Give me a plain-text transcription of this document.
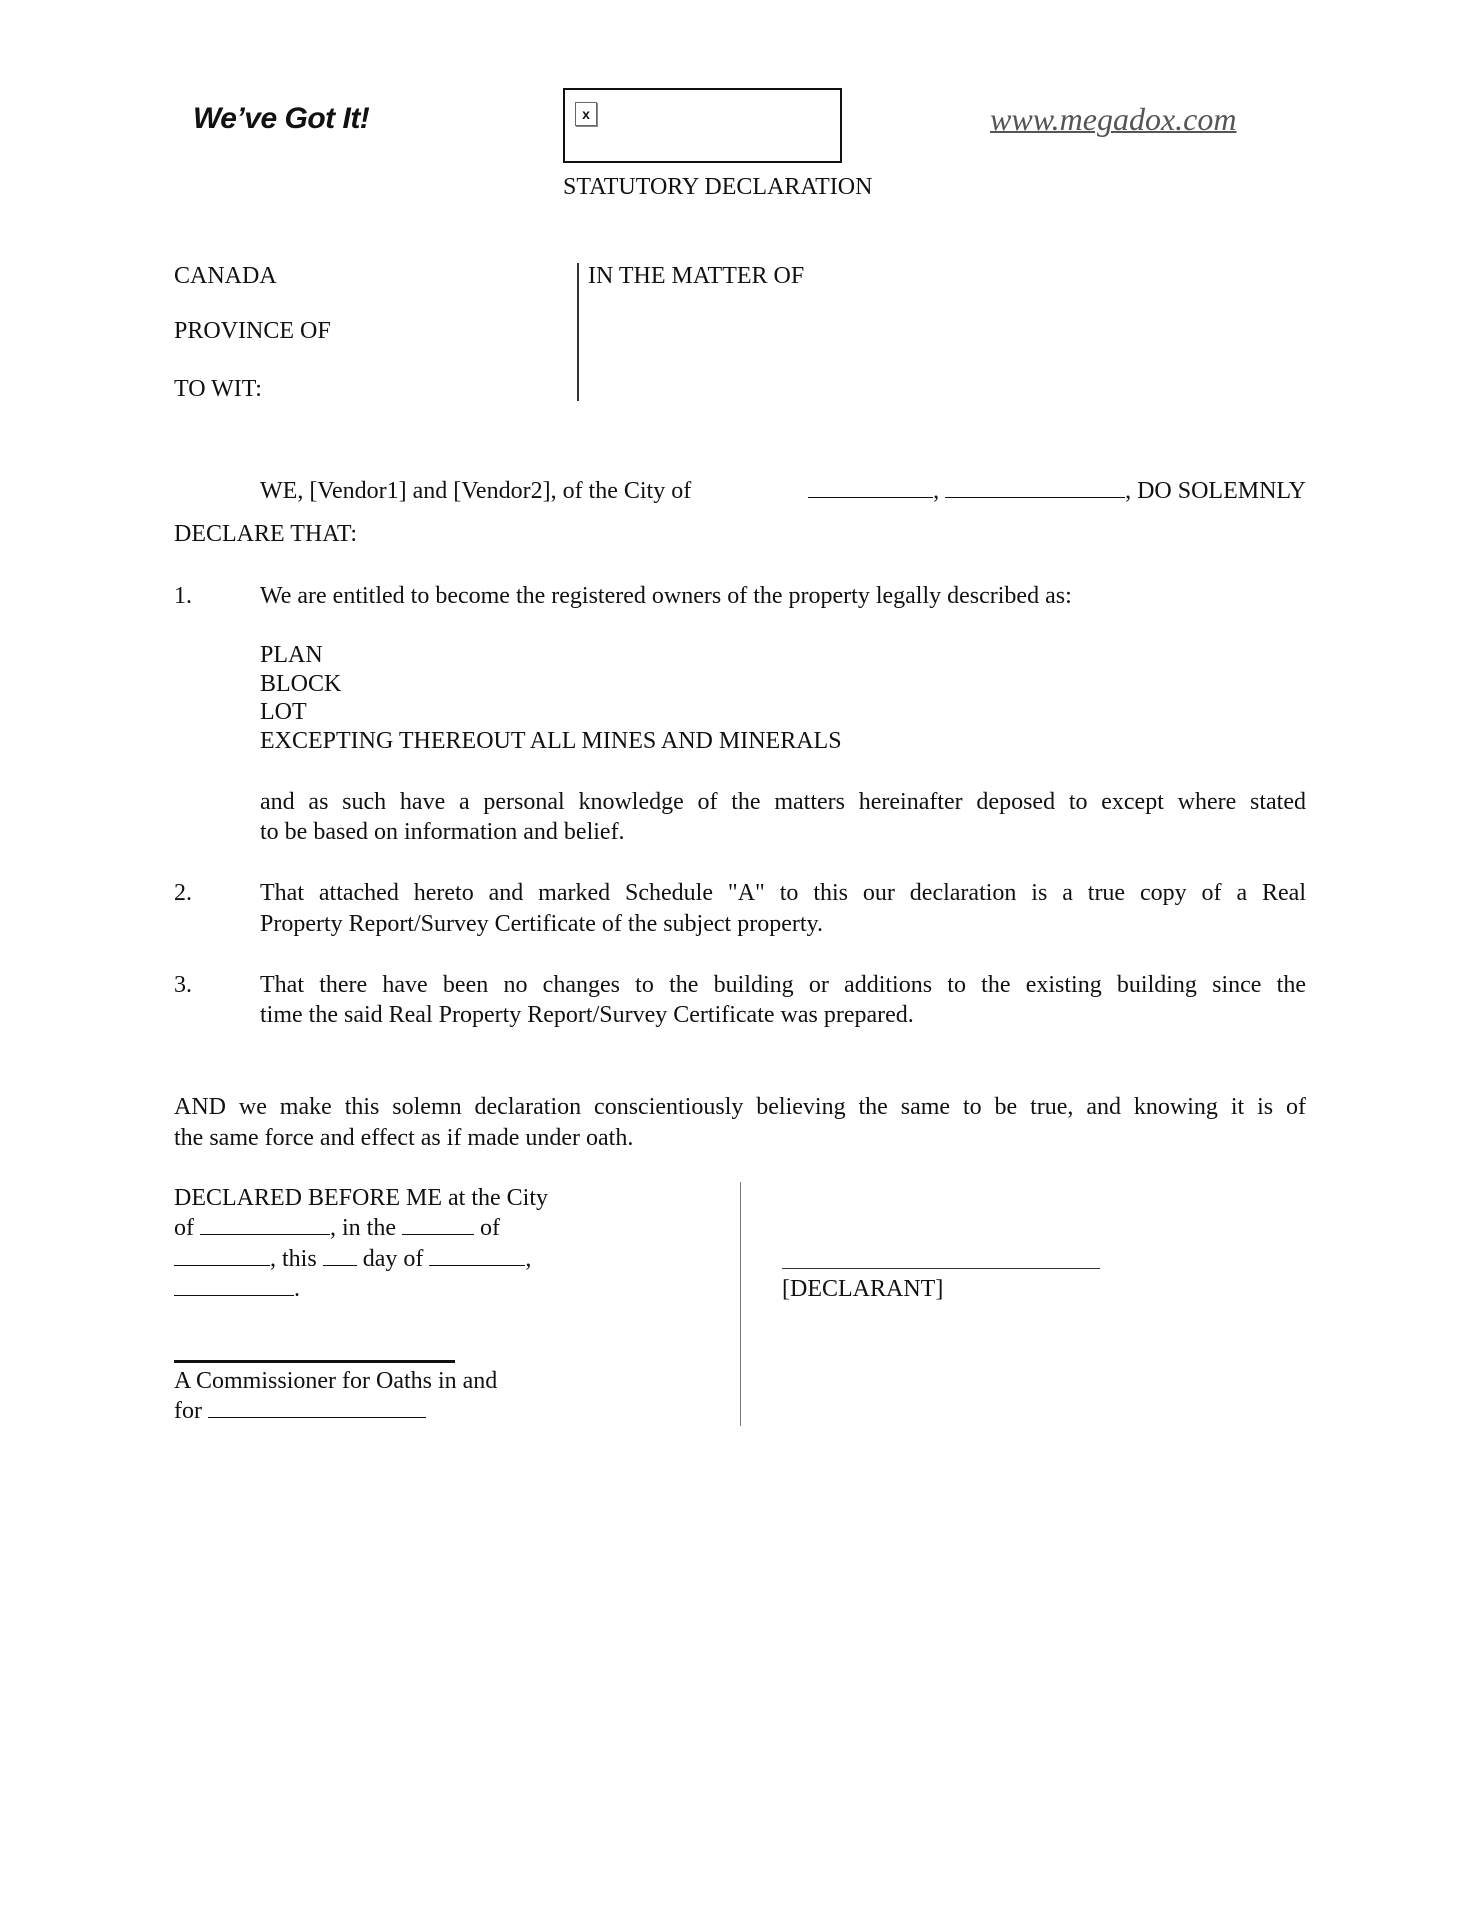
We’ve Got It!	x	www.megadox.com
STATUTORY DECLARATION
CANADA
PROVINCE OF
TO WIT:
IN THE MATTER OF
WE, [Vendor1] and [Vendor2], of the City of	,	, DO SOLEMNLY
DECLARE THAT:
1.	We are entitled to become the registered owners of the property legally described as:
PLAN
BLOCK
LOT
EXCEPTING THEREOUT ALL MINES AND MINERALS
and as such have a personal knowledge of the matters hereinafter deposed to except where stated
to be based on information and belief.
2.	That attached hereto and marked Schedule "A" to this our declaration is a true copy of a Real
Property Report/Survey Certificate of the subject property.
3.	That there have been no changes to the building or additions to the existing building since the
time the said Real Property Report/Survey Certificate was prepared.
AND we make this solemn declaration conscientiously believing the same to be true, and knowing it is of
the same force and effect as if made under oath.
DECLARED BEFORE ME at the City
of	, in the	of
, this day of	,
.
A Commissioner for Oaths in and
for
[DECLARANT]
